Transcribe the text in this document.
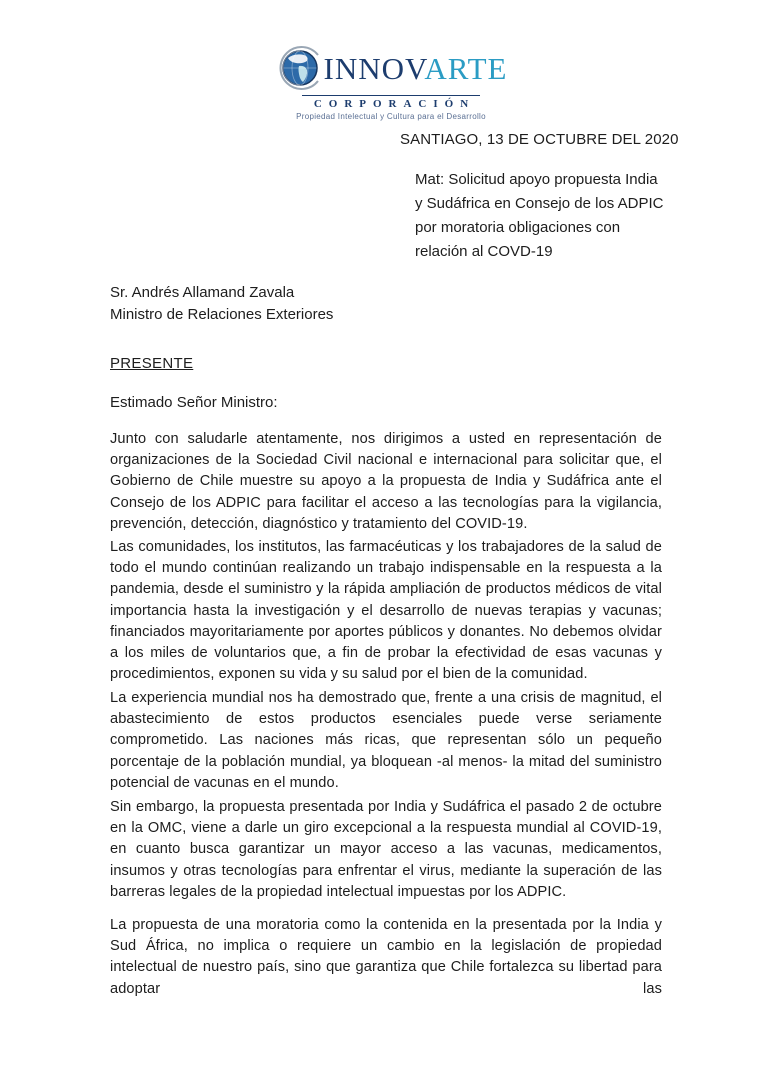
INNOVARTE
CORPORACIÓN
Propiedad Intelectual y Cultura para el Desarrollo
SANTIAGO, 13 DE OCTUBRE DEL 2020
Mat: Solicitud apoyo propuesta India y Sudáfrica en Consejo de los ADPIC por moratoria obligaciones con relación al COVD-19
Sr. Andrés Allamand Zavala
Ministro de Relaciones Exteriores
PRESENTE
Estimado Señor Ministro:

Junto con saludarle atentamente, nos dirigimos a usted en representación de organizaciones de la Sociedad Civil nacional e internacional para solicitar que, el Gobierno de Chile muestre su apoyo a la propuesta de India y Sudáfrica ante el Consejo de los ADPIC para facilitar el acceso a las tecnologías para la vigilancia, prevención, detección, diagnóstico y tratamiento del COVID-19.

Las comunidades, los institutos, las farmacéuticas y los trabajadores de la salud de todo el mundo continúan realizando un trabajo indispensable en la respuesta a la pandemia, desde el suministro y la rápida ampliación de productos médicos de vital importancia hasta la investigación y el desarrollo de nuevas terapias y vacunas; financiados mayoritariamente por aportes públicos y donantes. No debemos olvidar a los miles de voluntarios que, a fin de probar la efectividad de esas vacunas y procedimientos, exponen su vida y su salud por el bien de la comunidad.

La experiencia mundial nos ha demostrado que, frente a una crisis de magnitud, el abastecimiento de estos productos esenciales puede verse seriamente comprometido. Las naciones más ricas, que representan sólo un pequeño porcentaje de la población mundial, ya bloquean -al menos- la mitad del suministro potencial de vacunas en el mundo.

Sin embargo, la propuesta presentada por India y Sudáfrica el pasado 2 de octubre en la OMC, viene a darle un giro excepcional a la respuesta mundial al COVID-19, en cuanto busca garantizar un mayor acceso a las vacunas, medicamentos, insumos y otras tecnologías para enfrentar el virus, mediante la superación de las barreras legales de la propiedad intelectual impuestas por los ADPIC.

La propuesta de una moratoria como la contenida en la presentada por la India y Sud África, no implica o requiere un cambio en la legislación de propiedad intelectual de nuestro país, sino que garantiza que Chile fortalezca su libertad para adoptar las
